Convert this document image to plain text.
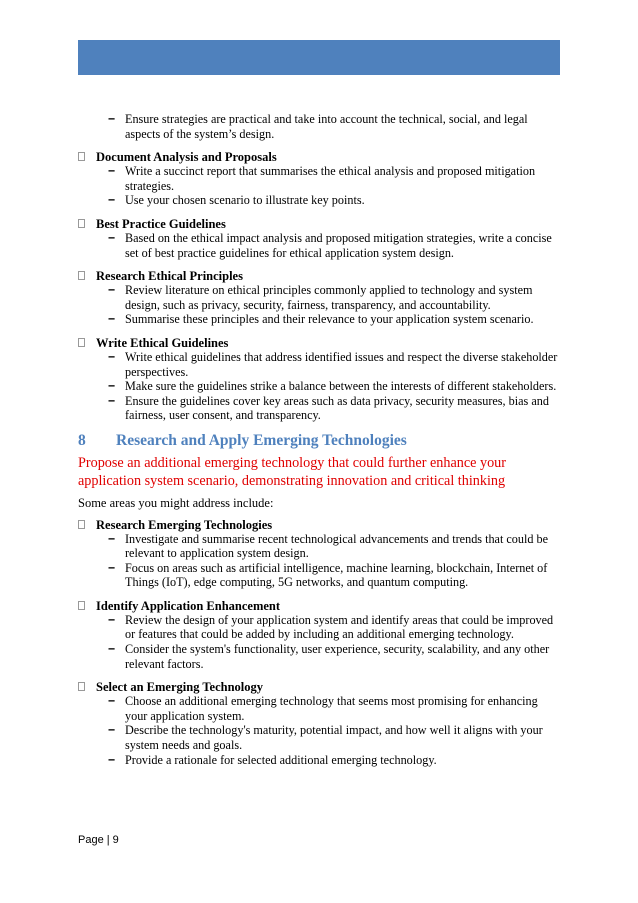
− Ensure strategies are practical and take into account the technical, social, and legal aspects of the system’s design.
Document Analysis and Proposals
− Write a succinct report that summarises the ethical analysis and proposed mitigation strategies.
− Use your chosen scenario to illustrate key points.
Best Practice Guidelines
− Based on the ethical impact analysis and proposed mitigation strategies, write a concise set of best practice guidelines for ethical application system design.
Research Ethical Principles
− Review literature on ethical principles commonly applied to technology and system design, such as privacy, security, fairness, transparency, and accountability.
− Summarise these principles and their relevance to your application system scenario.
Write Ethical Guidelines
− Write ethical guidelines that address identified issues and respect the diverse stakeholder perspectives.
− Make sure the guidelines strike a balance between the interests of different stakeholders.
− Ensure the guidelines cover key areas such as data privacy, security measures, bias and fairness, user consent, and transparency.
8 Research and Apply Emerging Technologies
Propose an additional emerging technology that could further enhance your application system scenario, demonstrating innovation and critical thinking
Some areas you might address include:
Research Emerging Technologies
− Investigate and summarise recent technological advancements and trends that could be relevant to application system design.
− Focus on areas such as artificial intelligence, machine learning, blockchain, Internet of Things (IoT), edge computing, 5G networks, and quantum computing.
Identify Application Enhancement
− Review the design of your application system and identify areas that could be improved or features that could be added by including an additional emerging technology.
− Consider the system's functionality, user experience, security, scalability, and any other relevant factors.
Select an Emerging Technology
− Choose an additional emerging technology that seems most promising for enhancing your application system.
− Describe the technology's maturity, potential impact, and how well it aligns with your system needs and goals.
− Provide a rationale for selected additional emerging technology.
Page | 9
